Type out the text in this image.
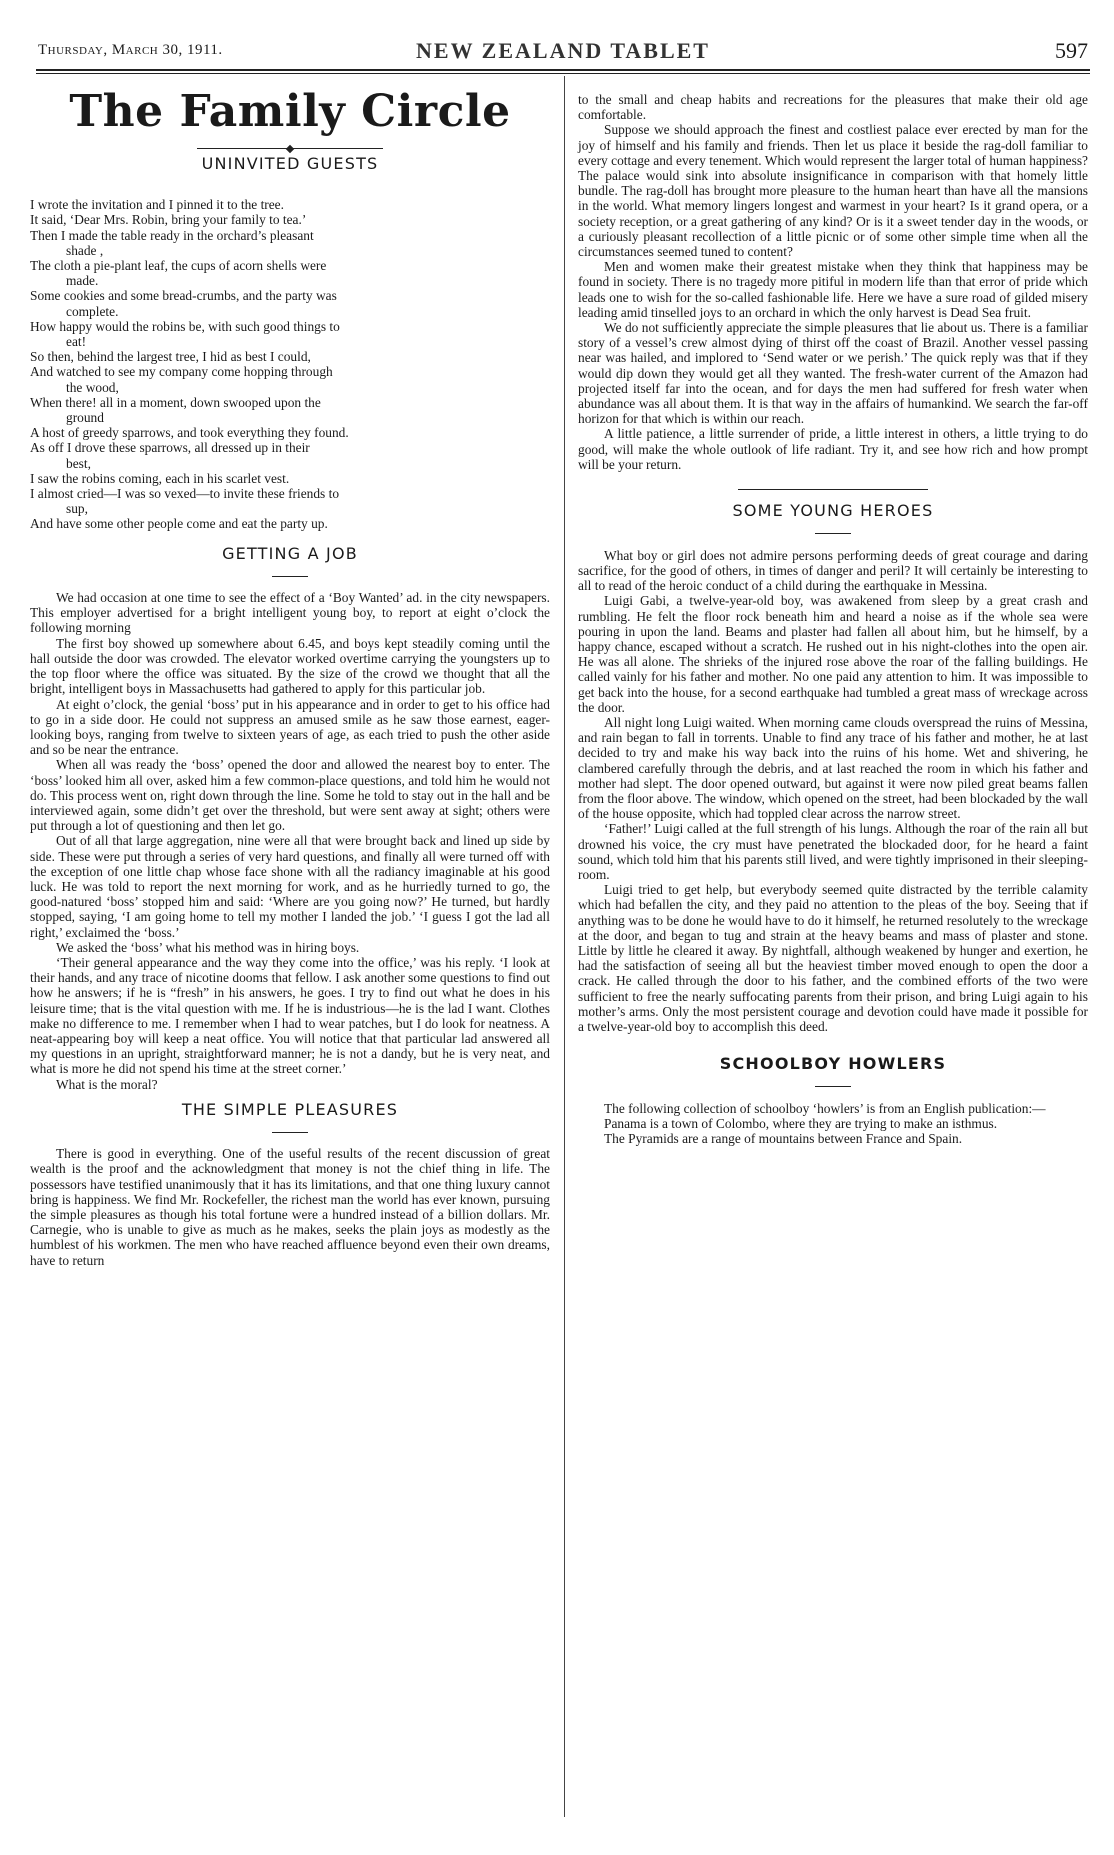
Thursday, March 30, 1911.	NEW ZEALAND TABLET	597
The Family Circle
UNINVITED GUESTS
I wrote the invitation and I pinned it to the tree.
It said, ‘Dear Mrs. Robin, bring your family to tea.’
Then I made the table ready in the orchard’s pleasant
shade ,
The cloth a pie-plant leaf, the cups of acorn shells were
made.
Some cookies and some bread-crumbs, and the party was
complete.
How happy would the robins be, with such good things to
eat!
So then, behind the largest tree, I hid as best I could,
And watched to see my company come hopping through
the wood,
When there! all in a moment, down swooped upon the
ground
A host of greedy sparrows, and took everything they found.
As off I drove these sparrows, all dressed up in their
best,
I saw the robins coming, each in his scarlet vest.
I almost cried—I was so vexed—to invite these friends to
sup,
And have some other people come and eat the party up.
GETTING A JOB

We had occasion at one time to see the effect of a ‘Boy Wanted’ ad. in the city newspapers. This employer advertised for a bright intelligent young boy, to report at eight o’clock the following morning

The first boy showed up somewhere about 6.45, and boys kept steadily coming until the hall outside the door was crowded. The elevator worked overtime carrying the youngsters up to the top floor where the office was situated. By the size of the crowd we thought that all the bright, intelligent boys in Massachusetts had gathered to apply for this particular job.

At eight o’clock, the genial ‘boss’ put in his appearance and in order to get to his office had to go in a side door. He could not suppress an amused smile as he saw those earnest, eager-looking boys, ranging from twelve to sixteen years of age, as each tried to push the other aside and so be near the entrance.

When all was ready the ‘boss’ opened the door and allowed the nearest boy to enter. The ‘boss’ looked him all over, asked him a few common-place questions, and told him he would not do. This process went on, right down through the line. Some he told to stay out in the hall and be interviewed again, some didn’t get over the threshold, but were sent away at sight; others were put through a lot of questioning and then let go.

Out of all that large aggregation, nine were all that were brought back and lined up side by side. These were put through a series of very hard questions, and finally all were turned off with the exception of one little chap whose face shone with all the radiancy imaginable at his good luck. He was told to report the next morning for work, and as he hurriedly turned to go, the good-natured ‘boss’ stopped him and said: ‘Where are you going now?’ He turned, but hardly stopped, saying, ‘I am going home to tell my mother I landed the job.’ ‘I guess I got the lad all right,’ exclaimed the ‘boss.’

We asked the ‘boss’ what his method was in hiring boys.

‘Their general appearance and the way they come into the office,’ was his reply. ‘I look at their hands, and any trace of nicotine dooms that fellow. I ask another some questions to find out how he answers; if he is “fresh” in his answers, he goes. I try to find out what he does in his leisure time; that is the vital question with me. If he is industrious—he is the lad I want. Clothes make no difference to me. I remember when I had to wear patches, but I do look for neatness. A neat-appearing boy will keep a neat office. You will notice that that particular lad answered all my questions in an upright, straightforward manner; he is not a dandy, but he is very neat, and what is more he did not spend his time at the street corner.’

What is the moral?

THE SIMPLE PLEASURES

There is good in everything. One of the useful results of the recent discussion of great wealth is the proof and the acknowledgment that money is not the chief thing in life. The possessors have testified unanimously that it has its limitations, and that one thing luxury cannot bring is happiness. We find Mr. Rockefeller, the richest man the world has ever known, pursuing the simple pleasures as though his total fortune were a hundred instead of a billion dollars. Mr. Carnegie, who is unable to give as much as he makes, seeks the plain joys as modestly as the humblest of his workmen. The men who have reached affluence beyond even their own dreams, have to return

to the small and cheap habits and recreations for the pleasures that make their old age comfortable.

Suppose we should approach the finest and costliest palace ever erected by man for the joy of himself and his family and friends. Then let us place it beside the rag-doll familiar to every cottage and every tenement. Which would represent the larger total of human happiness? The palace would sink into absolute insignificance in comparison with that homely little bundle. The rag-doll has brought more pleasure to the human heart than have all the mansions in the world. What memory lingers longest and warmest in your heart? Is it grand opera, or a society reception, or a great gathering of any kind? Or is it a sweet tender day in the woods, or a curiously pleasant recollection of a little picnic or of some other simple time when all the circumstances seemed tuned to content?

Men and women make their greatest mistake when they think that happiness may be found in society. There is no tragedy more pitiful in modern life than that error of pride which leads one to wish for the so-called fashionable life. Here we have a sure road of gilded misery leading amid tinselled joys to an orchard in which the only harvest is Dead Sea fruit.

We do not sufficiently appreciate the simple pleasures that lie about us. There is a familiar story of a vessel’s crew almost dying of thirst off the coast of Brazil. Another vessel passing near was hailed, and implored to ‘Send water or we perish.’ The quick reply was that if they would dip down they would get all they wanted. The fresh-water current of the Amazon had projected itself far into the ocean, and for days the men had suffered for fresh water when abundance was all about them. It is that way in the affairs of humankind. We search the far-off horizon for that which is within our reach.

A little patience, a little surrender of pride, a little interest in others, a little trying to do good, will make the whole outlook of life radiant. Try it, and see how rich and how prompt will be your return.

SOME YOUNG HEROES

What boy or girl does not admire persons performing deeds of great courage and daring sacrifice, for the good of others, in times of danger and peril? It will certainly be interesting to all to read of the heroic conduct of a child during the earthquake in Messina.

Luigi Gabi, a twelve-year-old boy, was awakened from sleep by a great crash and rumbling. He felt the floor rock beneath him and heard a noise as if the whole sea were pouring in upon the land. Beams and plaster had fallen all about him, but he himself, by a happy chance, escaped without a scratch. He rushed out in his night-clothes into the open air. He was all alone. The shrieks of the injured rose above the roar of the falling buildings. He called vainly for his father and mother. No one paid any attention to him. It was impossible to get back into the house, for a second earthquake had tumbled a great mass of wreckage across the door.

All night long Luigi waited. When morning came clouds overspread the ruins of Messina, and rain began to fall in torrents. Unable to find any trace of his father and mother, he at last decided to try and make his way back into the ruins of his home. Wet and shivering, he clambered carefully through the debris, and at last reached the room in which his father and mother had slept. The door opened outward, but against it were now piled great beams fallen from the floor above. The window, which opened on the street, had been blockaded by the wall of the house opposite, which had toppled clear across the narrow street.

‘Father!’ Luigi called at the full strength of his lungs. Although the roar of the rain all but drowned his voice, the cry must have penetrated the blockaded door, for he heard a faint sound, which told him that his parents still lived, and were tightly imprisoned in their sleeping-room.

Luigi tried to get help, but everybody seemed quite distracted by the terrible calamity which had befallen the city, and they paid no attention to the pleas of the boy. Seeing that if anything was to be done he would have to do it himself, he returned resolutely to the wreckage at the door, and began to tug and strain at the heavy beams and mass of plaster and stone. Little by little he cleared it away. By nightfall, although weakened by hunger and exertion, he had the satisfaction of seeing all but the heaviest timber moved enough to open the door a crack. He called through the door to his father, and the combined efforts of the two were sufficient to free the nearly suffocating parents from their prison, and bring Luigi again to his mother’s arms. Only the most persistent courage and devotion could have made it possible for a twelve-year-old boy to accomplish this deed.

SCHOOLBOY HOWLERS

The following collection of schoolboy ‘howlers’ is from an English publication:—

Panama is a town of Colombo, where they are trying to make an isthmus.

The Pyramids are a range of mountains between France and Spain.
